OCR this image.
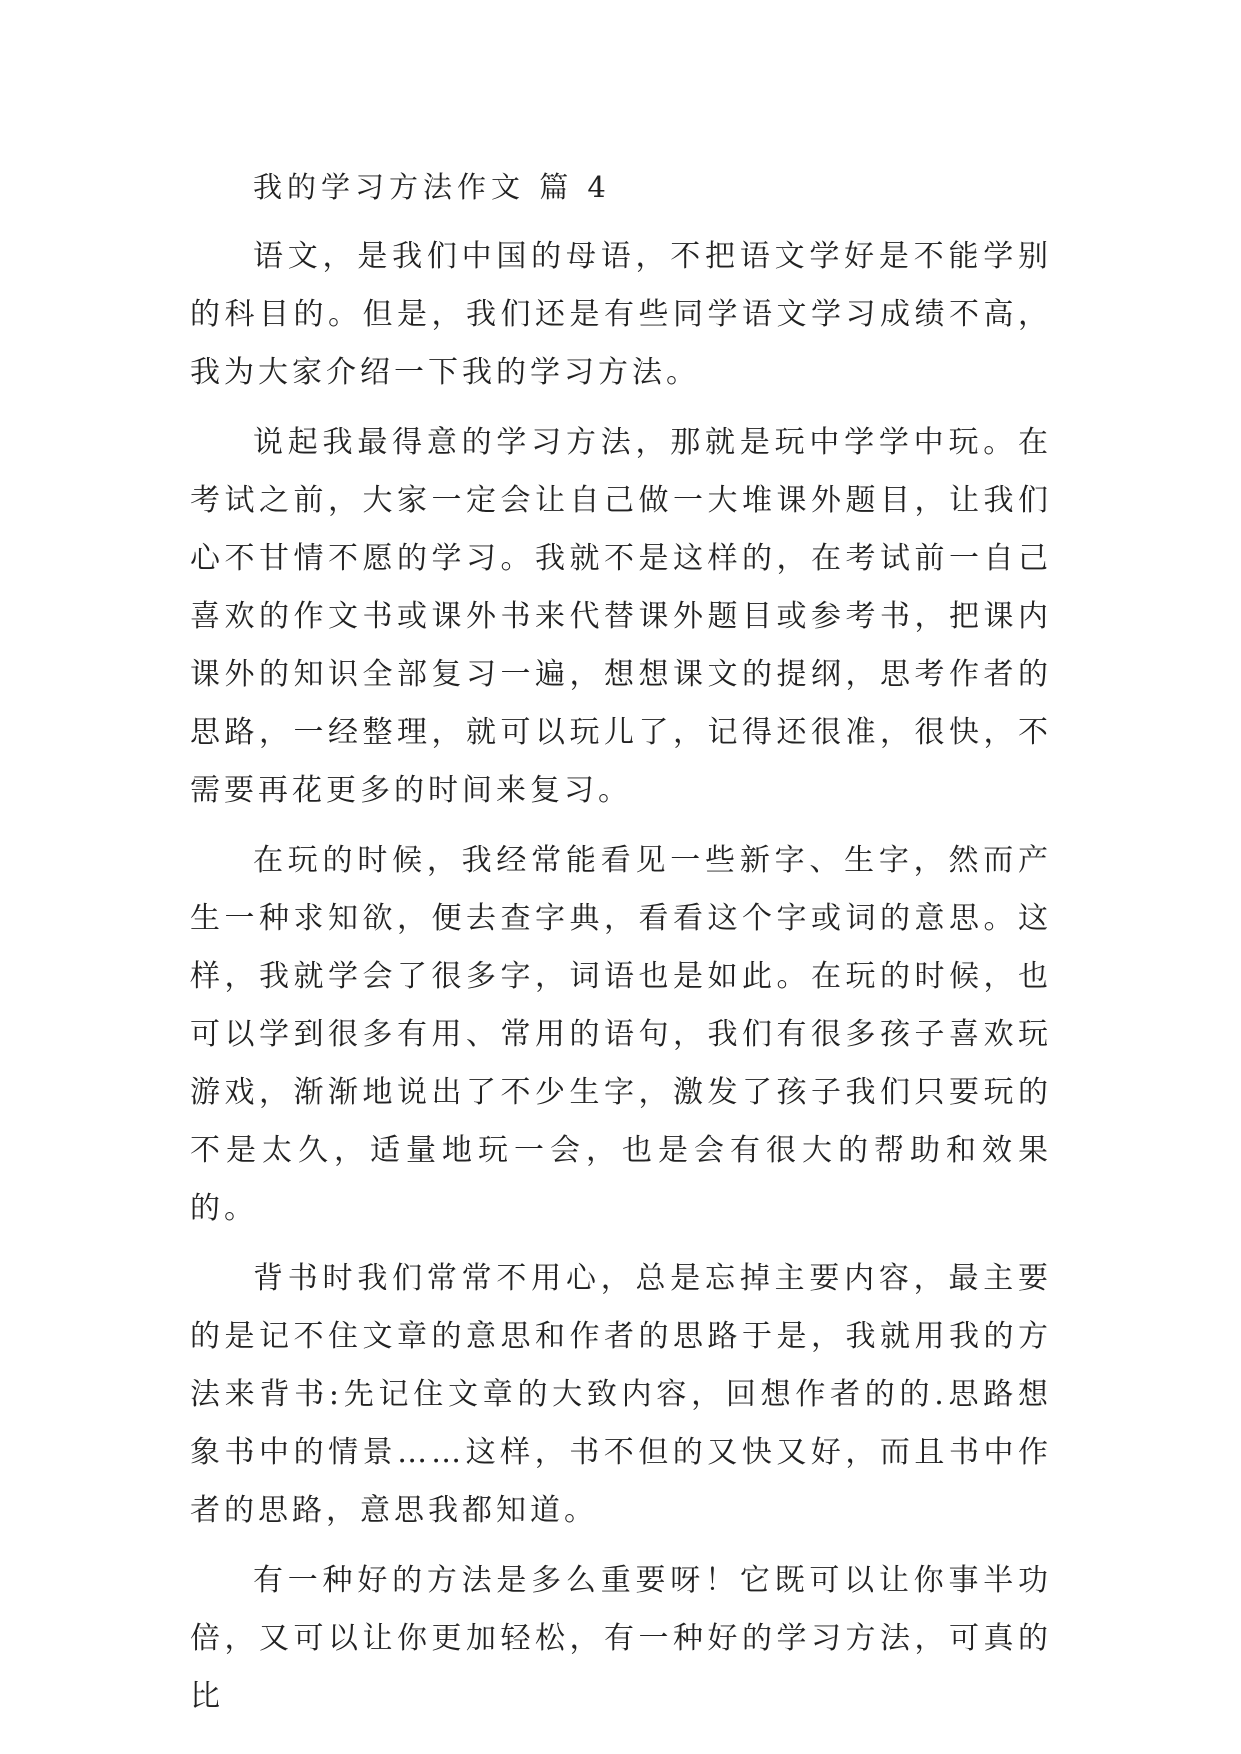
我的学习方法作文 篇 4

语文，是我们中国的母语，不把语文学好是不能学别的科目的。但是，我们还是有些同学语文学习成绩不高，我为大家介绍一下我的学习方法。

说起我最得意的学习方法，那就是玩中学学中玩。在考试之前，大家一定会让自己做一大堆课外题目，让我们心不甘情不愿的学习。我就不是这样的，在考试前一自己喜欢的作文书或课外书来代替课外题目或参考书，把课内课外的知识全部复习一遍，想想课文的提纲，思考作者的思路，一经整理，就可以玩儿了，记得还很准，很快，不需要再花更多的时间来复习。

在玩的时候，我经常能看见一些新字、生字，然而产生一种求知欲，便去查字典，看看这个字或词的意思。这样，我就学会了很多字，词语也是如此。在玩的时候，也可以学到很多有用、常用的语句，我们有很多孩子喜欢玩游戏，渐渐地说出了不少生字，激发了孩子我们只要玩的不是太久，适量地玩一会，也是会有很大的帮助和效果的。

背书时我们常常不用心，总是忘掉主要内容，最主要的是记不住文章的意思和作者的思路于是，我就用我的方法来背书:先记住文章的大致内容，回想作者的的.思路想象书中的情景……这样，书不但的又快又好，而且书中作者的思路，意思我都知道。

有一种好的方法是多么重要呀！它既可以让你事半功倍，又可以让你更加轻松，有一种好的学习方法，可真的比
